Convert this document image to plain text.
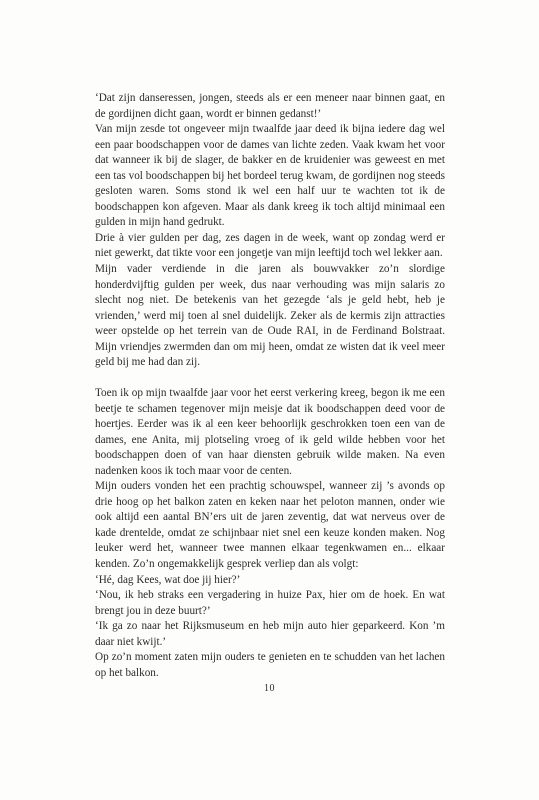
‘Dat zijn danseressen, jongen, steeds als er een meneer naar binnen gaat, en de gordijnen dicht gaan, wordt er binnen gedanst!’

Van mijn zesde tot ongeveer mijn twaalfde jaar deed ik bijna iedere dag wel een paar boodschappen voor de dames van lichte zeden. Vaak kwam het voor dat wanneer ik bij de slager, de bakker en de kruidenier was geweest en met een tas vol boodschappen bij het bordeel terug kwam, de gordijnen nog steeds gesloten waren. Soms stond ik wel een half uur te wachten tot ik de boodschappen kon afgeven. Maar als dank kreeg ik toch altijd minimaal een gulden in mijn hand gedrukt.

Drie à vier gulden per dag, zes dagen in de week, want op zondag werd er niet gewerkt, dat tikte voor een jongetje van mijn leeftijd toch wel lekker aan.

Mijn vader verdiende in die jaren als bouwvakker zo’n slordige honderdvijftig gulden per week, dus naar verhouding was mijn salaris zo slecht nog niet. De betekenis van het gezegde ‘als je geld hebt, heb je vrienden,’ werd mij toen al snel duidelijk. Zeker als de kermis zijn attracties weer opstelde op het terrein van de Oude RAI, in de Ferdinand Bolstraat. Mijn vriendjes zwermden dan om mij heen, omdat ze wisten dat ik veel meer geld bij me had dan zij.

Toen ik op mijn twaalfde jaar voor het eerst verkering kreeg, begon ik me een beetje te schamen tegenover mijn meisje dat ik boodschappen deed voor de hoertjes. Eerder was ik al een keer behoorlijk geschrokken toen een van de dames, ene Anita, mij plotseling vroeg of ik geld wilde hebben voor het boodschappen doen of van haar diensten gebruik wilde maken. Na even nadenken koos ik toch maar voor de centen.

Mijn ouders vonden het een prachtig schouwspel, wanneer zij ’s avonds op drie hoog op het balkon zaten en keken naar het peloton mannen, onder wie ook altijd een aantal BN’ers uit de jaren zeventig, dat wat nerveus over de kade drentelde, omdat ze schijnbaar niet snel een keuze konden maken. Nog leuker werd het, wanneer twee mannen elkaar tegenkwamen en... elkaar kenden. Zo’n ongemakkelijk gesprek verliep dan als volgt:

‘Hé, dag Kees, wat doe jij hier?’

‘Nou, ik heb straks een vergadering in huize Pax, hier om de hoek. En wat brengt jou in deze buurt?’

‘Ik ga zo naar het Rijksmuseum en heb mijn auto hier geparkeerd. Kon ’m daar niet kwijt.’

Op zo’n moment zaten mijn ouders te genieten en te schudden van het lachen op het balkon.

10
